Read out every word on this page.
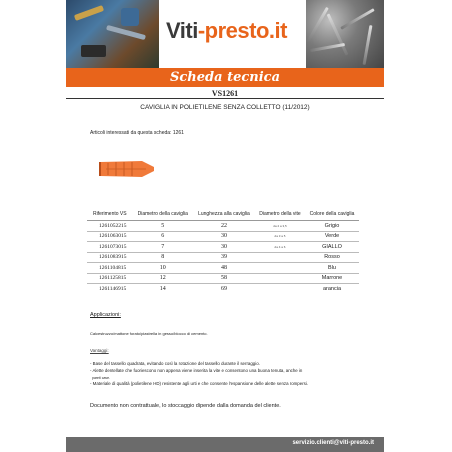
Viti-presto.it
Scheda tecnica
VS1261
CAVIGLIA IN POLIETILENE SENZA COLLETTO (11/2012)
Articoli interessati da questa scheda: 1261
Riferimento VS	Diametro della caviglia	Lunghezza alla caviglia	Diametro della vite	Colore della caviglia
1261052215	5	22	da 2 a 3,5	Grigio
1261063015	6	30	da 3 a 5	Verde
1261073015	7	30	da 4 a 6	GIALLO
1261083915	8	39		Rosso
1261104815	10	48		Blu
1261125815	12	58		Marrone
1261146915	14	69		arancia
Applicazioni:
Calcestruzzo/mattone forato/piastrella in gesso/blocco di cemento.
Vantaggi:
- Base del tassello quadrata, evitando così la rotazione del tassello durante il serraggio.
- Alette dentellate che fuoriescono non appena viene inserita la vite e consentono una buona tenuta, anche in
pareti cave.
- Materiale di qualità (polietilene HD) resistente agli urti e che consente l'espansione delle alette senza rompersi.
Documento non contrattuale, lo stoccaggio dipende dalla domanda del cliente.
servizio.clienti@viti-presto.it
